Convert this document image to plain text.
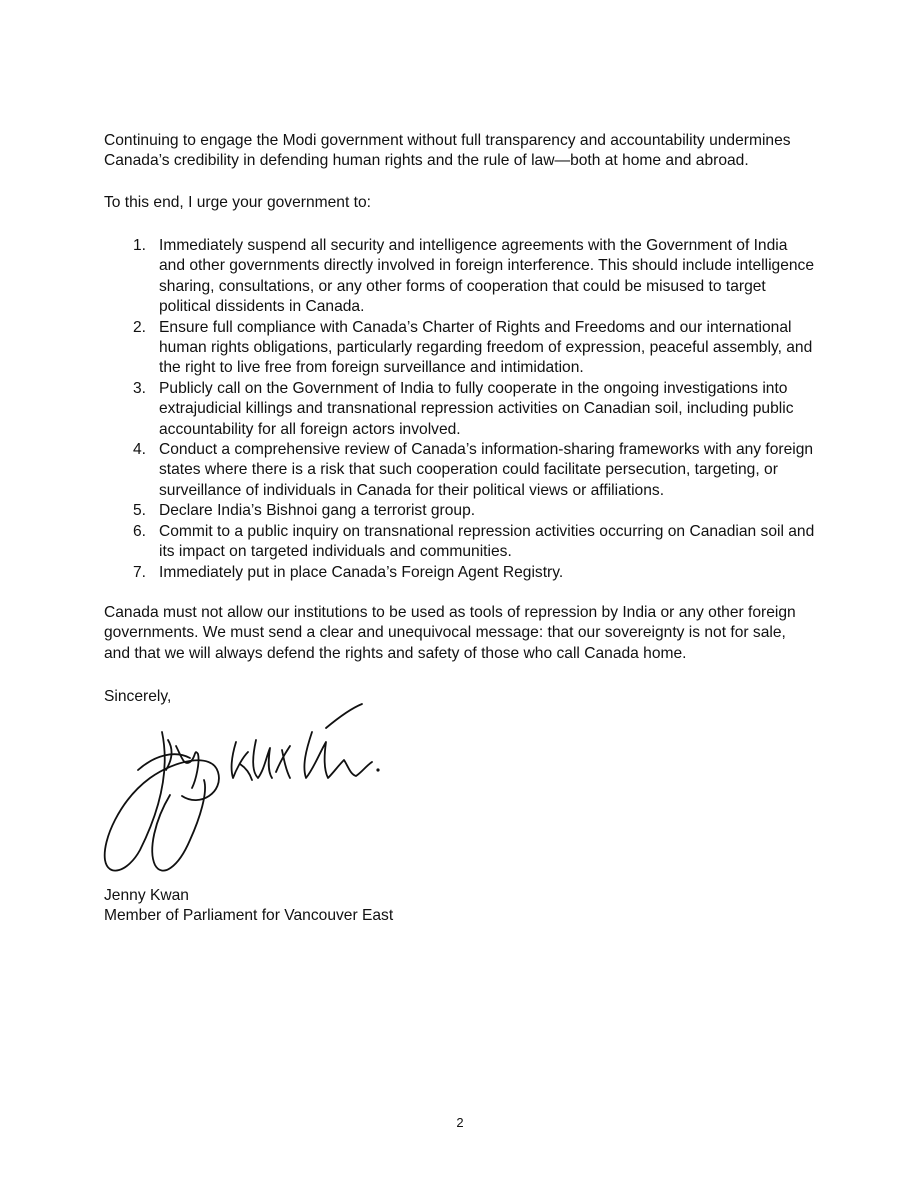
Continuing to engage the Modi government without full transparency and accountability undermines Canada’s credibility in defending human rights and the rule of law—both at home and abroad.

To this end, I urge your government to:

1. Immediately suspend all security and intelligence agreements with the Government of India and other governments directly involved in foreign interference. This should include intelligence sharing, consultations, or any other forms of cooperation that could be misused to target political dissidents in Canada.
2. Ensure full compliance with Canada’s Charter of Rights and Freedoms and our international human rights obligations, particularly regarding freedom of expression, peaceful assembly, and the right to live free from foreign surveillance and intimidation.
3. Publicly call on the Government of India to fully cooperate in the ongoing investigations into extrajudicial killings and transnational repression activities on Canadian soil, including public accountability for all foreign actors involved.
4. Conduct a comprehensive review of Canada’s information-sharing frameworks with any foreign states where there is a risk that such cooperation could facilitate persecution, targeting, or surveillance of individuals in Canada for their political views or affiliations.
5. Declare India’s Bishnoi gang a terrorist group.
6. Commit to a public inquiry on transnational repression activities occurring on Canadian soil and its impact on targeted individuals and communities.
7. Immediately put in place Canada’s Foreign Agent Registry.

Canada must not allow our institutions to be used as tools of repression by India or any other foreign governments. We must send a clear and unequivocal message: that our sovereignty is not for sale, and that we will always defend the rights and safety of those who call Canada home.

Sincerely,

Jenny Kwan

Member of Parliament for Vancouver East

2
